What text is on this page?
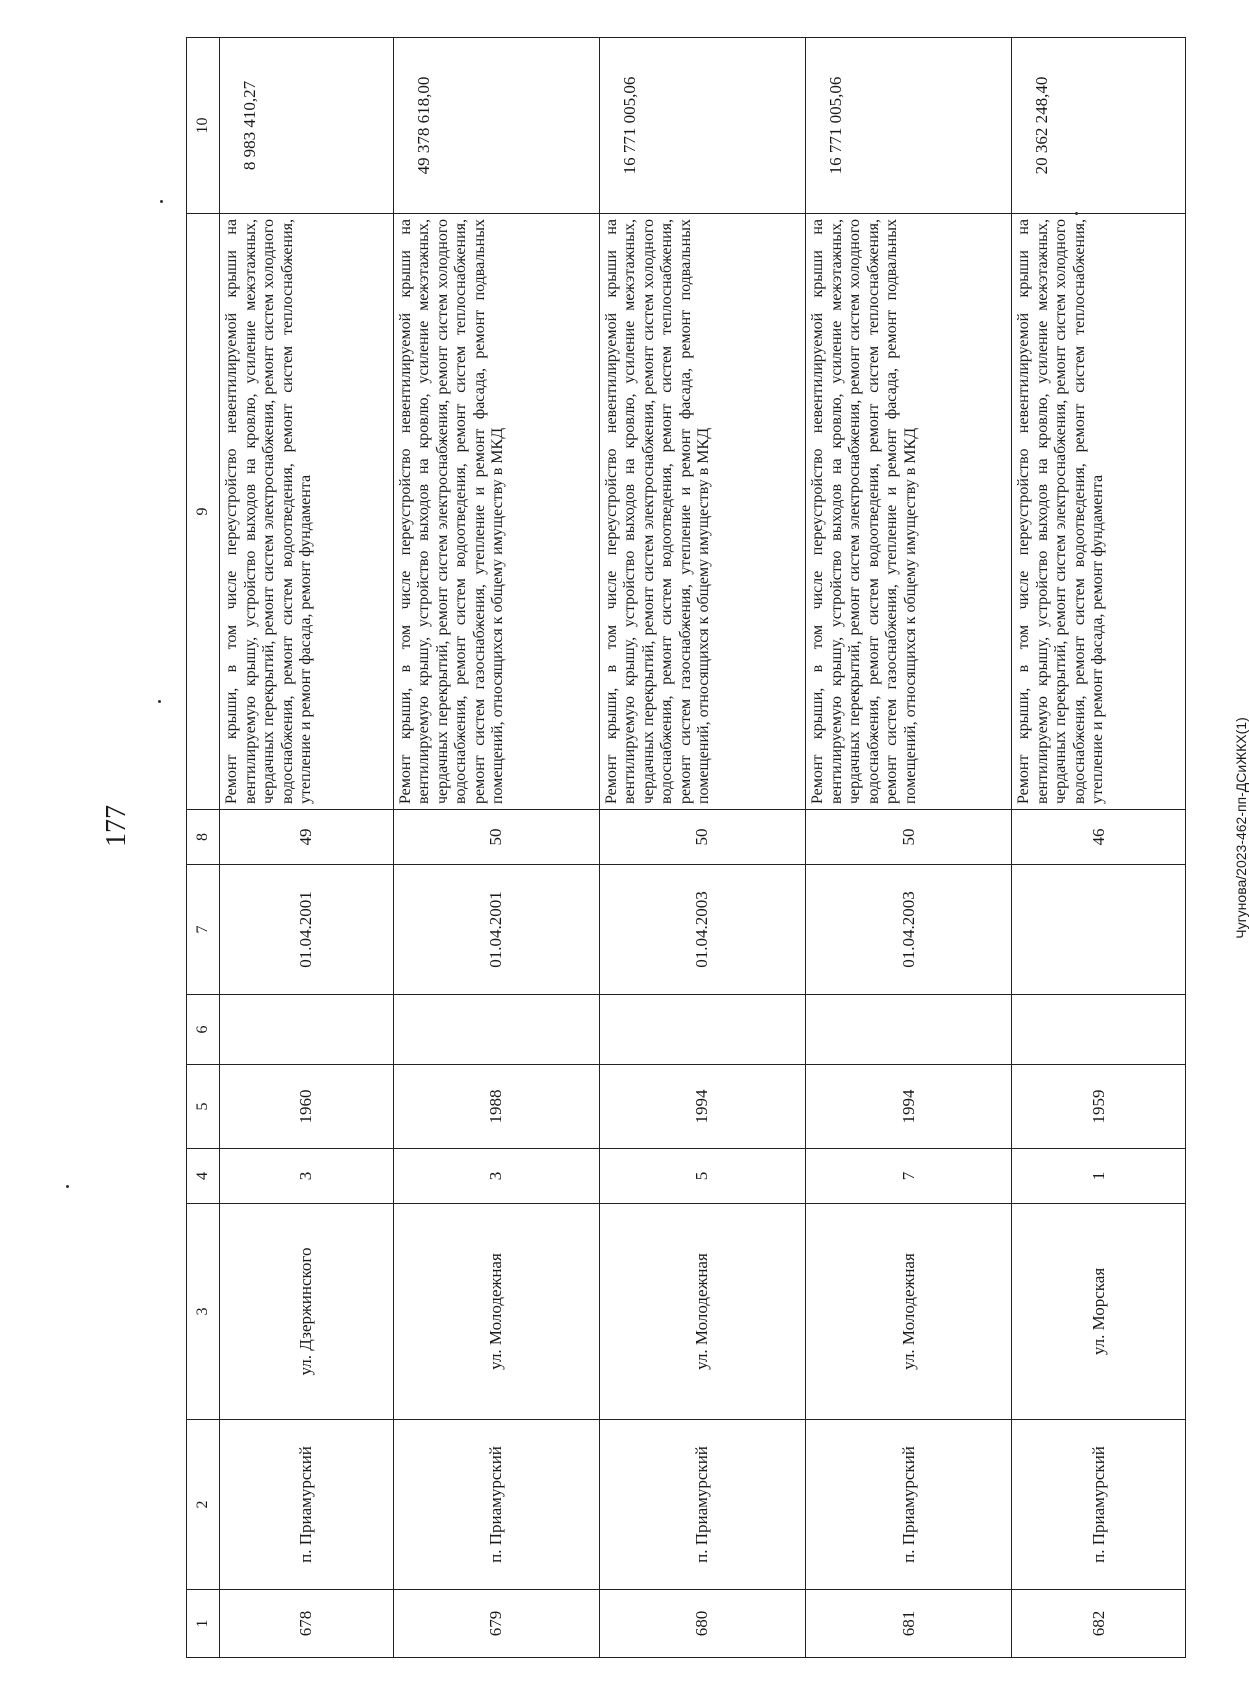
177	Чугунова/2023-462-пп-ДСиЖКХ(1)
1	2	3	4	5	6	7	8	9	10
678	п. Приамурский	ул. Дзержинского	3	1960		01.04.2001	49	Ремонт крыши, в том числе переустройство невентилируемой крыши на вентилируемую крышу, устройство выходов на кровлю, усиление межэтажных, чердачных перекрытий, ремонт систем электроснабжения, ремонт систем холодного водоснабжения, ремонт систем водоотведения, ремонт систем теплоснабжения, утепление и ремонт фасада, ремонт фундамента	8 983 410,27
679	п. Приамурский	ул. Молодежная	3	1988		01.04.2001	50	Ремонт крыши, в том числе переустройство невентилируемой крыши на вентилируемую крышу, устройство выходов на кровлю, усиление межэтажных, чердачных перекрытий, ремонт систем электроснабжения, ремонт систем холодного водоснабжения, ремонт систем водоотведения, ремонт систем теплоснабжения, ремонт систем газоснабжения, утепление и ремонт фасада, ремонт подвальных помещений, относящихся к общему имуществу в МКД	49 378 618,00
680	п. Приамурский	ул. Молодежная	5	1994		01.04.2003	50	Ремонт крыши, в том числе переустройство невентилируемой крыши на вентилируемую крышу, устройство выходов на кровлю, усиление межэтажных, чердачных перекрытий, ремонт систем электроснабжения, ремонт систем холодного водоснабжения, ремонт систем водоотведения, ремонт систем теплоснабжения, ремонт систем газоснабжения, утепление и ремонт фасада, ремонт подвальных помещений, относящихся к общему имуществу в МКД	16 771 005,06
681	п. Приамурский	ул. Молодежная	7	1994		01.04.2003	50	Ремонт крыши, в том числе переустройство невентилируемой крыши на вентилируемую крышу, устройство выходов на кровлю, усиление межэтажных, чердачных перекрытий, ремонт систем электроснабжения, ремонт систем холодного водоснабжения, ремонт систем водоотведения, ремонт систем теплоснабжения, ремонт систем газоснабжения, утепление и ремонт фасада, ремонт подвальных помещений, относящихся к общему имуществу в МКД	16 771 005,06
682	п. Приамурский	ул. Морская	1	1959			46	Ремонт крыши, в том числе переустройство невентилируемой крыши на вентилируемую крышу, устройство выходов на кровлю, усиление межэтажных, чердачных перекрытий, ремонт систем электроснабжения, ремонт систем холодного водоснабжения, ремонт систем водоотведения, ремонт систем теплоснабжения, утепление и ремонт фасада, ремонт фундамента	20 362 248,40
